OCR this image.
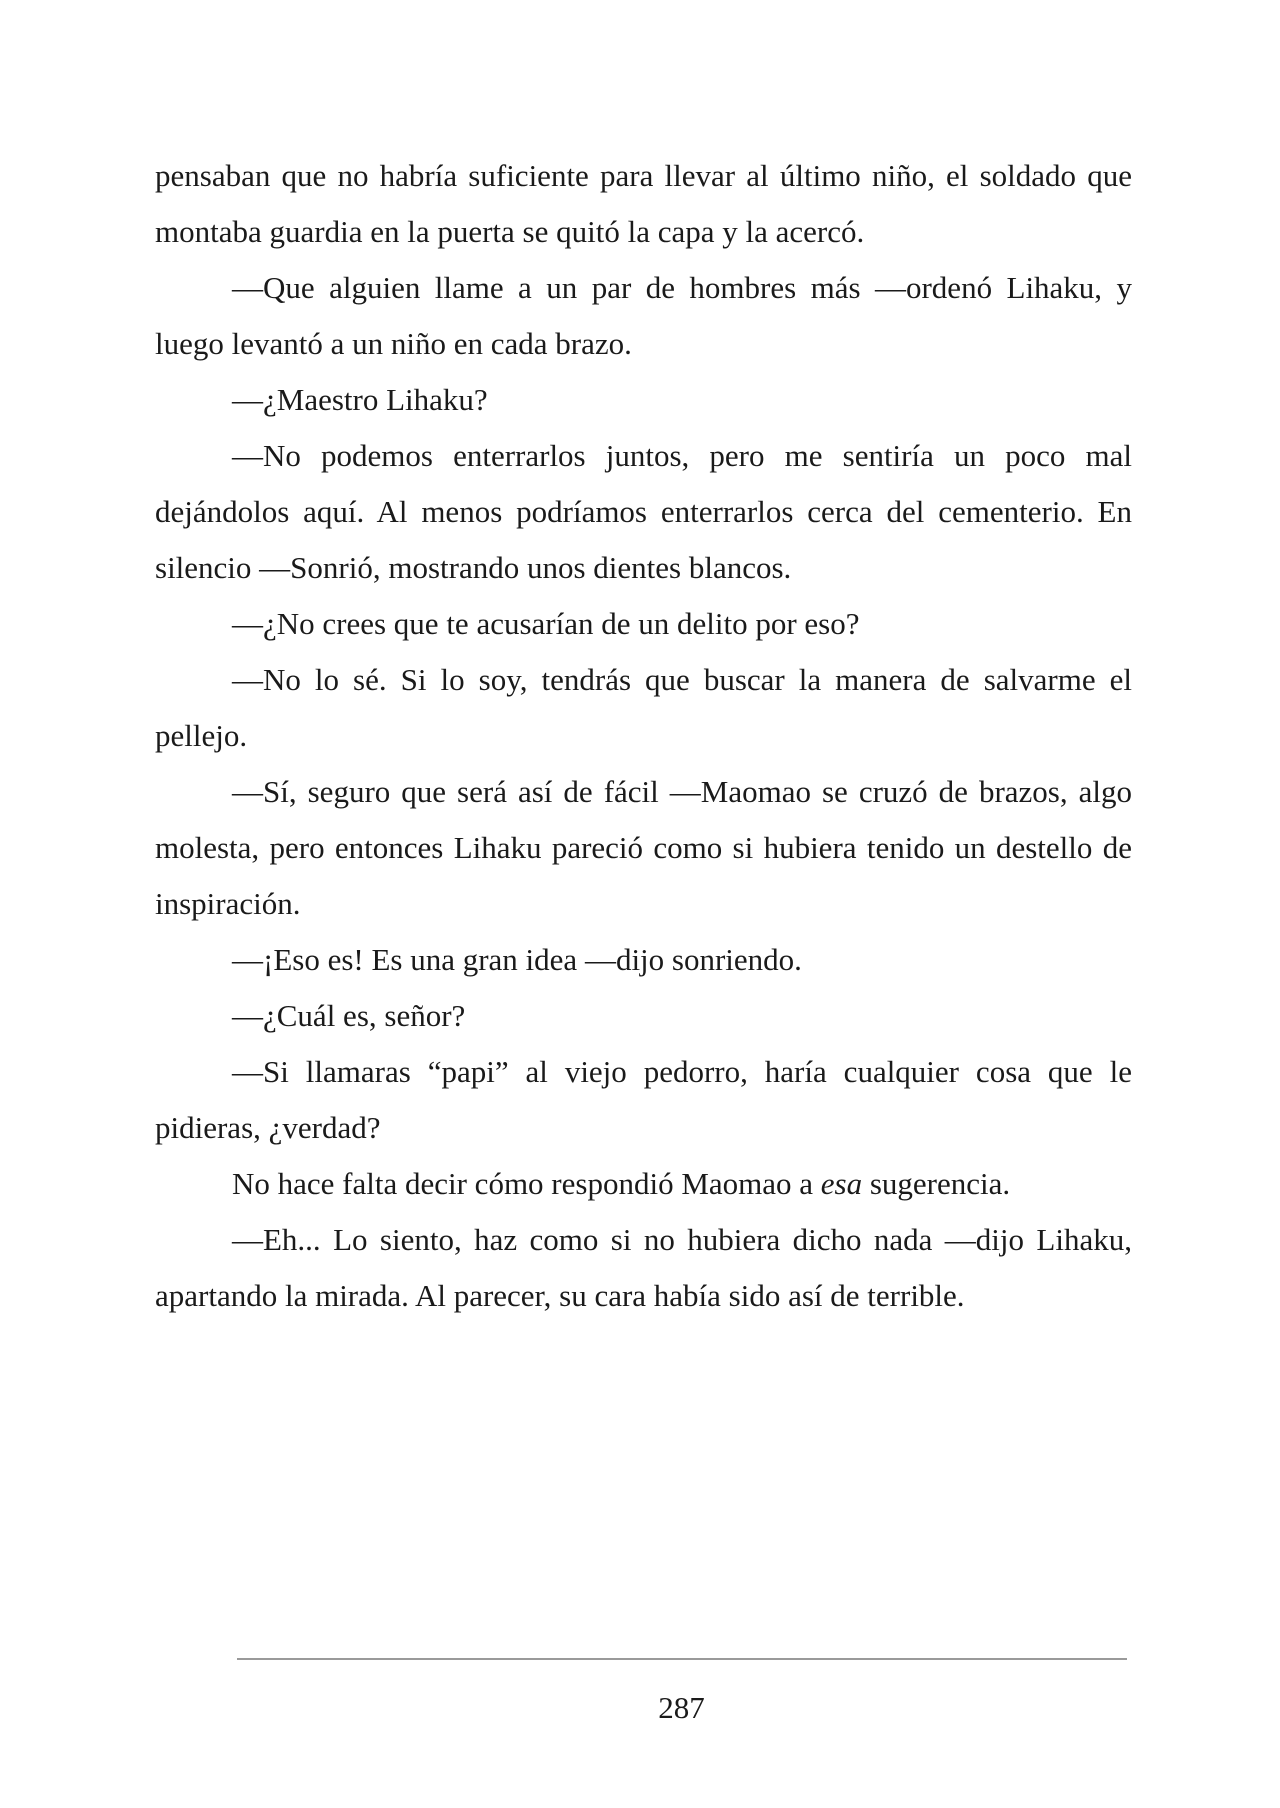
pensaban que no habría suficiente para llevar al último niño, el soldado que montaba guardia en la puerta se quitó la capa y la acercó.

—Que alguien llame a un par de hombres más —ordenó Lihaku, y luego levantó a un niño en cada brazo.

—¿Maestro Lihaku?

—No podemos enterrarlos juntos, pero me sentiría un poco mal dejándolos aquí. Al menos podríamos enterrarlos cerca del cementerio. En silencio —Sonrió, mostrando unos dientes blancos.

—¿No crees que te acusarían de un delito por eso?

—No lo sé. Si lo soy, tendrás que buscar la manera de salvarme el pellejo.

—Sí, seguro que será así de fácil —Maomao se cruzó de brazos, algo molesta, pero entonces Lihaku pareció como si hubiera tenido un destello de inspiración.

—¡Eso es! Es una gran idea —dijo sonriendo.

—¿Cuál es, señor?

—Si llamaras “papi” al viejo pedorro, haría cualquier cosa que le pidieras, ¿verdad?

No hace falta decir cómo respondió Maomao a esa sugerencia.

—Eh... Lo siento, haz como si no hubiera dicho nada —dijo Lihaku, apartando la mirada. Al parecer, su cara había sido así de terrible.

287
